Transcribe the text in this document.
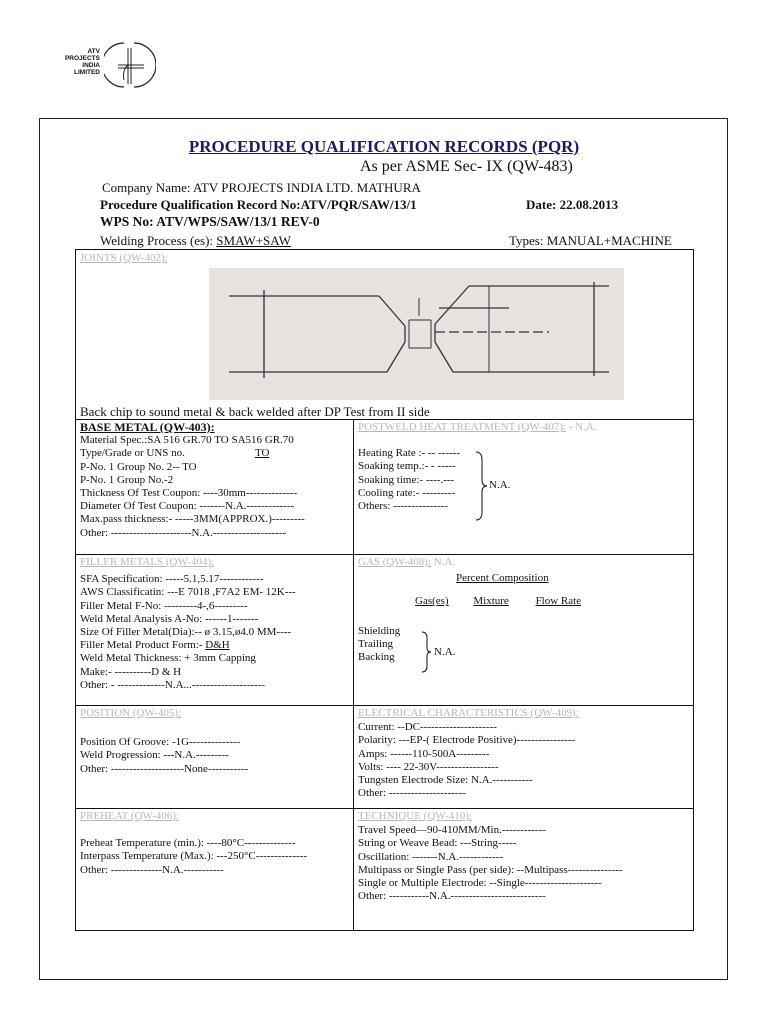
ATV
PROJECTS
INDIA
LIMITED
PROCEDURE QUALIFICATION RECORDS (PQR)
As per ASME Sec- IX (QW-483)
Company Name: ATV PROJECTS INDIA LTD. MATHURA
Procedure Qualification Record No:ATV/PQR/SAW/13/1	Date: 22.08.2013
WPS No: ATV/WPS/SAW/13/1 REV-0
Welding Process (es): SMAW+SAW	Types: MANUAL+MACHINE
JOINTS (QW-402):
Back chip to sound metal & back welded after DP Test from II side
BASE METAL (QW-403):
Material Spec.:SA 516 GR.70 TO SA516 GR.70
Type/Grade or UNS no.	TO
P-No. 1 Group No. 2-- TO
P-No. 1 Group No.-2
Thickness Of Test Coupon: ----30mm--------------
Diameter Of Test Coupon: -------N.A.-------------
Max.pass thickness:- -----3MM(APPROX.)---------
Other: ----------------------N.A.--------------------
POSTWELD HEAT TREATMENT (QW-407): - N.A.
Heating Rate :- -- ------
Soaking temp.:- - -----
Soaking time:- ----.---
Cooling rate:- ---------
Others: ---------------
N.A.
FILLER METALS (QW-404):
SFA Specification: -----5.1,5.17------------
AWS Classificatin: ---E 7018 ,F7A2 EM- 12K---
Filler Metal F-No: ---------4-,6---------
Weld Metal Analysis A-No: ------1-------
Size Of Filler Metal(Dia):-- ø 3.15,ø4.0 MM----
Filler Metal Product Form:- D&H
Weld Metal Thickness: + 3mm Capping
Make:- ----------D & H
Other: - -------------N.A...--------------------
GAS (QW-408): N.A.
Percent Composition
Gas(es) Mixture Flow Rate
Shielding
Trailing
Backing	N.A.
POSITION (QW-405):
Position Of Groove: -1G--------------
Weld Progression: ---N.A.---------
Other: --------------------None-----------
ELECTRICAL CHARACTERISTICS (QW-409):
Current: --DC---------------------
Polarity: ---EP-( Electrode Positive)----------------
Amps: ------110-500A---------
Volts: ---- 22-30V-----------------
Tungsten Electrode Size: N.A.-----------
Other: ---------------------
PREHEAT (QW-406):
Preheat Temperature (min.): ----80°C--------------
Interpass Temperature (Max.): ---250°C--------------
Other: --------------N.A.-----------
TECHNIQUE (QW-410):
Travel Speed—90-410MM/Min.------------
String or Weave Bead: ---String-----
Oscillation: -------N.A.------------
Multipass or Single Pass (per side): --Multipass---------------
Single or Multiple Electrode: --Single---------------------
Other: -----------N.A.--------------------------
